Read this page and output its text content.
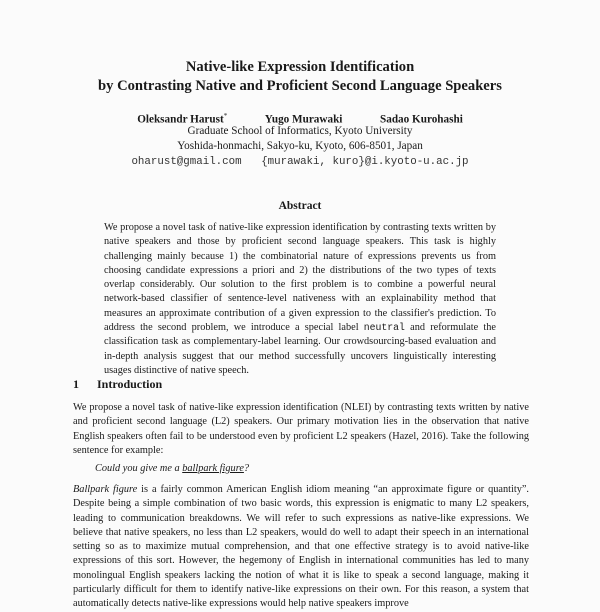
Native-like Expression Identification
by Contrasting Native and Proficient Second Language Speakers
Oleksandr Harust*	Yugo Murawaki	Sadao Kurohashi
Graduate School of Informatics, Kyoto University
Yoshida-honmachi, Sakyo-ku, Kyoto, 606-8501, Japan
oharust@gmail.com {murawaki, kuro}@i.kyoto-u.ac.jp
Abstract
We propose a novel task of native-like expression identification by contrasting texts written by native speakers and those by proficient second language speakers. This task is highly challenging mainly because 1) the combinatorial nature of expressions prevents us from choosing candidate expressions a priori and 2) the distributions of the two types of texts overlap considerably. Our solution to the first problem is to combine a powerful neural network-based classifier of sentence-level nativeness with an explainability method that measures an approximate contribution of a given expression to the classifier's prediction. To address the second problem, we introduce a special label neutral and reformulate the classification task as complementary-label learning. Our crowdsourcing-based evaluation and in-depth analysis suggest that our method successfully uncovers linguistically interesting usages distinctive of native speech.
1 Introduction
We propose a novel task of native-like expression identification (NLEI) by contrasting texts written by native and proficient second language (L2) speakers. Our primary motivation lies in the observation that native English speakers often fail to be understood even by proficient L2 speakers (Hazel, 2016). Take the following sentence for example:
Could you give me a ballpark figure?
Ballpark figure is a fairly common American English idiom meaning “an approximate figure or quantity”. Despite being a simple combination of two basic words, this expression is enigmatic to many L2 speakers, leading to communication breakdowns. We will refer to such expressions as native-like expressions. We believe that native speakers, no less than L2 speakers, would do well to adapt their speech in an international setting so as to maximize mutual comprehension, and that one effective strategy is to avoid native-like expressions of this sort. However, the hegemony of English in international communities has led to many monolingual English speakers lacking the notion of what it is like to speak a second language, making it particularly difficult for them to identify native-like expressions on their own. For this reason, a system that automatically detects native-like expressions would help native speakers improve
